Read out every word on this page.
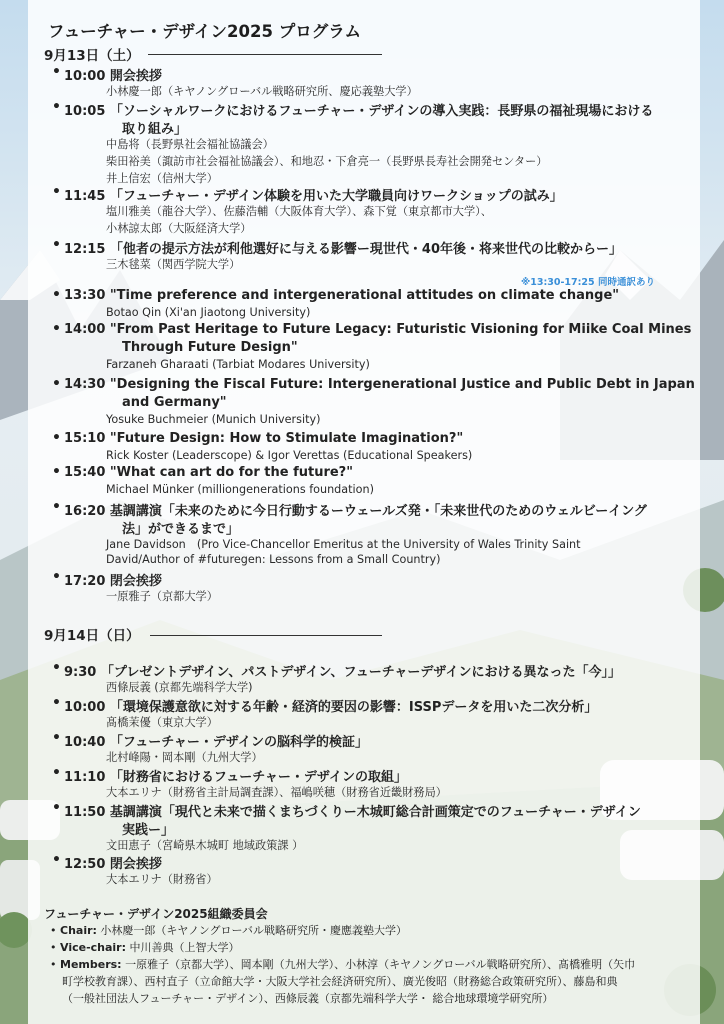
フューチャー・デザイン2025 プログラム
9月13日（土）
※13:30-17:25 同時通訳あり
9月14日（日）
フューチャー・デザイン2025組織委員会
• Chair: 小林慶一郎（キヤノングローバル戦略研究所・慶應義塾大学）
• Vice-chair: 中川善典（上智大学）
• Members: 一原雅子（京都大学）、岡本剛（九州大学）、小林淳（キヤノングローバル戦略研究所）、髙橋雅明（矢巾
町学校教育課）、西村直子（立命館大学・大阪大学社会経済研究所）、廣光俊昭（財務総合政策研究所）、藤島和典
（一般社団法人フューチャー・デザイン）、西條辰義（京都先端科学大学・ 総合地球環境学研究所）
• 10:00 開会挨拶
小林慶一郎（キヤノングローバル戦略研究所、慶応義塾大学）
• 10:05 「ソーシャルワークにおけるフューチャー・デザインの導入実践：長野県の福祉現場における
取り組み」
中島将（長野県社会福祉協議会）
柴田裕美（諏訪市社会福祉協議会）、和地忍・下倉亮一（長野県長寿社会開発センター）
井上信宏（信州大学）
• 11:45 「フューチャー・デザイン体験を用いた大学職員向けワークショップの試み」
塩川雅美（龍谷大学）、佐藤浩輔（大阪体育大学）、森下覚（東京都市大学）、
小林諒太郎（大阪経済大学）
• 12:15 「他者の提示方法が利他選好に与える影響ー現世代・40年後・将来世代の比較からー」
三木毬菜（関西学院大学）
• 13:30 "Time preference and intergenerational attitudes on climate change"
Botao Qin (Xi'an Jiaotong University)
• 14:00 "From Past Heritage to Future Legacy: Futuristic Visioning for Miike Coal Mines
Through Future Design"
Farzaneh Gharaati (Tarbiat Modares University)
• 14:30 "Designing the Fiscal Future: Intergenerational Justice and Public Debt in Japan
and Germany"
Yosuke Buchmeier (Munich University)
• 15:10 "Future Design: How to Stimulate Imagination?"
Rick Koster (Leaderscope) & Igor Verettas (Educational Speakers)
• 15:40 "What can art do for the future?"
Michael Münker (milliongenerations foundation)
• 16:20 基調講演「未来のために今日行動するーウェールズ発・「未来世代のためのウェルビーイング
法」ができるまで」
Jane Davidson　(Pro Vice-Chancellor Emeritus at the University of Wales Trinity Saint
David/Author of #futuregen: Lessons from a Small Country)
• 17:20 閉会挨拶
一原雅子（京都大学）
• 9:30 「プレゼントデザイン、パストデザイン、フューチャーデザインにおける異なった「今」」
西條辰義 (京都先端科学大学)
• 10:00 「環境保護意欲に対する年齢・経済的要因の影響：ISSPデータを用いた二次分析」
髙橋茉優（東京大学）
• 10:40 「フューチャー・デザインの脳科学的検証」
北村峰陽・岡本剛（九州大学）
• 11:10 「財務省におけるフューチャー・デザインの取組」
大本エリナ（財務省主計局調査課）、福嶋咲穂（財務省近畿財務局）
• 11:50 基調講演「現代と未来で描くまちづくりー木城町総合計画策定でのフューチャー・デザイン
実践ー」
文田恵子（宮崎県木城町 地域政策課 ）
• 12:50 閉会挨拶
大本エリナ（財務省）
